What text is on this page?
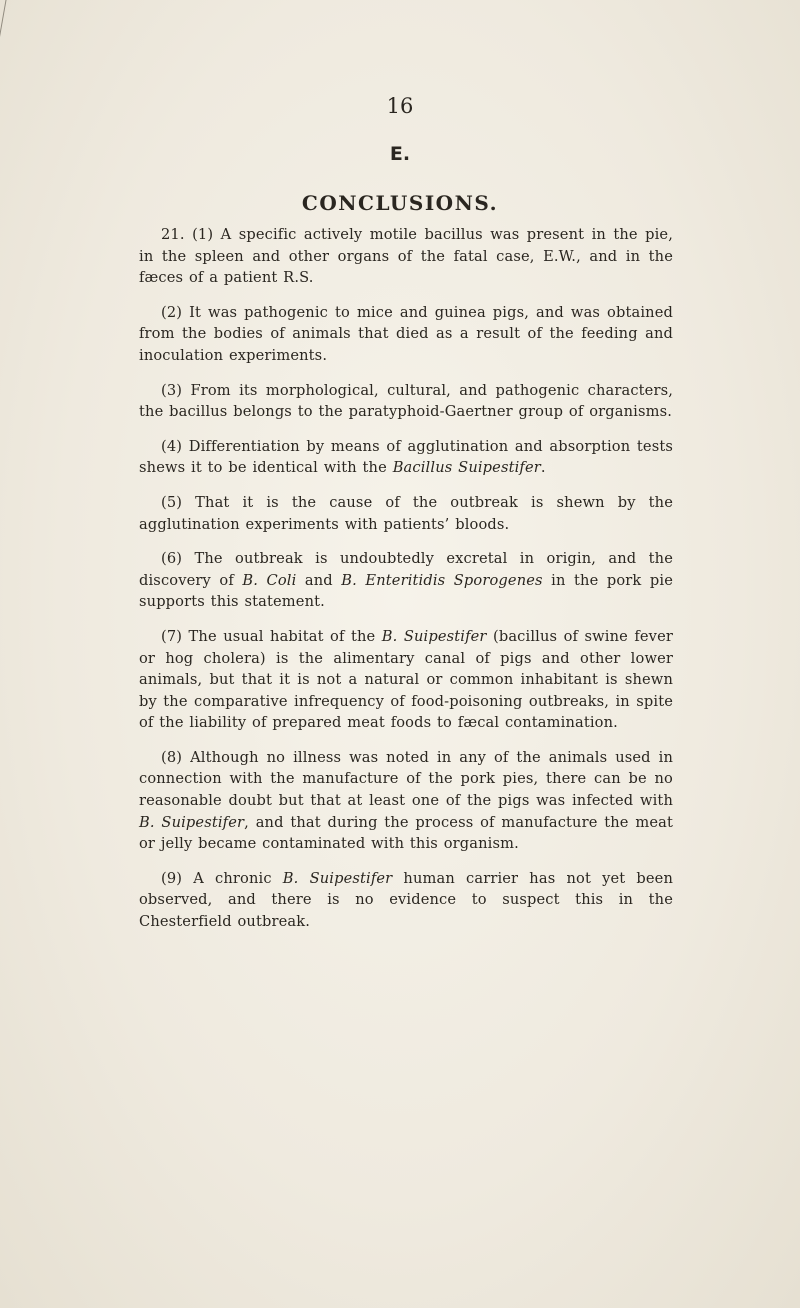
16
E.
CONCLUSIONS.

21. (1) A specific actively motile bacillus was present in the pie, in the spleen and other organs of the fatal case, E.W., and in the fæces of a patient R.S.

(2) It was pathogenic to mice and guinea pigs, and was obtained from the bodies of animals that died as a result of the feeding and inoculation experiments.

(3) From its morphological, cultural, and pathogenic characters, the bacillus belongs to the paratyphoid-Gaertner group of organisms.

(4) Differentiation by means of agglutination and absorption tests shews it to be identical with the Bacillus Suipestifer.

(5) That it is the cause of the outbreak is shewn by the agglutination experiments with patients’ bloods.

(6) The outbreak is undoubtedly excretal in origin, and the discovery of B. Coli and B. Enteritidis Sporogenes in the pork pie supports this statement.

(7) The usual habitat of the B. Suipestifer (bacillus of swine fever or hog cholera) is the alimentary canal of pigs and other lower animals, but that it is not a natural or common inhabitant is shewn by the comparative infrequency of food-poisoning outbreaks, in spite of the liability of prepared meat foods to fæcal contamination.

(8) Although no illness was noted in any of the animals used in connection with the manufacture of the pork pies, there can be no reasonable doubt but that at least one of the pigs was infected with B. Suipestifer, and that during the process of manufacture the meat or jelly became contaminated with this organism.

(9) A chronic B. Suipestifer human carrier has not yet been observed, and there is no evidence to suspect this in the Chesterfield outbreak.
